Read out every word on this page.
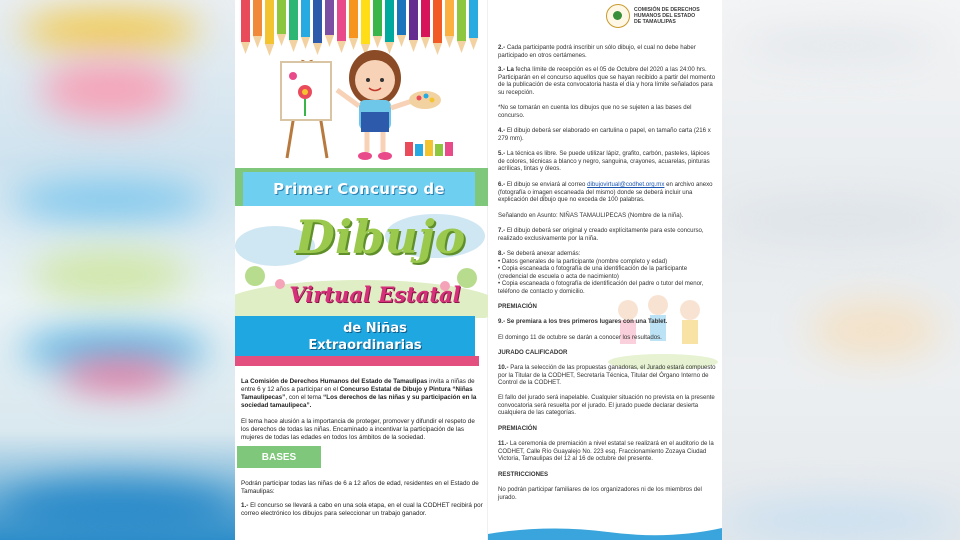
Primer Concurso de
Dibujo
Virtual Estatal
de Niñas
Extraordinarias

La Comisión de Derechos Humanos del Estado de Tamaulipas invita a niñas de entre 6 y 12 años a participar en el Concurso Estatal de Dibujo y Pintura “Niñas Tamaulipecas”, con el tema “Los derechos de las niñas y su participación en la sociedad tamaulipeca”.

El tema hace alusión a la importancia de proteger, promover y difundir el respeto de los derechos de todas las niñas. Encaminado a incentivar la participación de las mujeres de todas las edades en todos los ámbitos de la sociedad.

BASES

Podrán participar todas las niñas de 6 a 12 años de edad, residentes en el Estado de Tamaulipas:

1.- El concurso se llevará a cabo en una sola etapa, en el cual la CODHET recibirá por correo electrónico los dibujos para seleccionar un trabajo ganador.

COMISIÓN DE DERECHOS
HUMANOS DEL ESTADO
DE TAMAULIPAS

2.- Cada participante podrá inscribir un sólo dibujo, el cual no debe haber participado en otros certámenes.

3.- La fecha límite de recepción es el 05 de Octubre del 2020 a las 24:00 hrs. Participarán en el concurso aquellos que se hayan recibido a partir del momento de la publicación de esta convocatoria hasta el día y hora límite señalados para su recepción.

*No se tomarán en cuenta los dibujos que no se sujeten a las bases del concurso.

4.- El dibujo deberá ser elaborado en cartulina o papel, en tamaño carta (216 x 279 mm).

5.- La técnica es libre. Se puede utilizar lápiz, grafito, carbón, pasteles, lápices de colores, técnicas a blanco y negro, sanguina, crayones, acuarelas, pinturas acrílicas, tintas y óleos.

6.- El dibujo se enviará al correo dibujovirtual@codhet.org.mx en archivo anexo (fotografía o imagen escaneada del mismo) donde se deberá incluir una explicación del dibujo que no exceda de 100 palabras.

Señalando en Asunto: NIÑAS TAMAULIPECAS (Nombre de la niña).

7.- El dibujo deberá ser original y creado explícitamente para este concurso, realizado exclusivamente por la niña.

8.- Se deberá anexar además:

• Datos generales de la participante (nombre completo y edad)

• Copia escaneada o fotografía de una identificación de la participante (credencial de escuela o acta de nacimiento)

• Copia escaneada o fotografía de identificación del padre o tutor del menor, teléfono de contacto y domicilio.

PREMIACIÓN

9.- Se premiara a los tres primeros lugares con una Tablet.

El domingo 11 de octubre se darán a conocer los resultados.

JURADO CALIFICADOR

10.- Para la selección de las propuestas ganadoras, el Jurado estará compuesto por la Titular de la CODHET, Secretaría Técnica, Titular del Órgano Interno de Control de la CODHET.

El fallo del jurado será inapelable. Cualquier situación no prevista en la presente convocatoria será resuelta por el jurado. El jurado puede declarar desierta cualquiera de las categorías.

PREMIACIÓN

11.- La ceremonia de premiación a nivel estatal se realizará en el auditorio de la CODHET, Calle Río Guayalejo No. 223 esq. Fraccionamiento Zozaya Ciudad Victoria, Tamaulipas del 12 al 16 de octubre del presente.

RESTRICCIONES

No podrán participar familiares de los organizadores ni de los miembros del jurado.
